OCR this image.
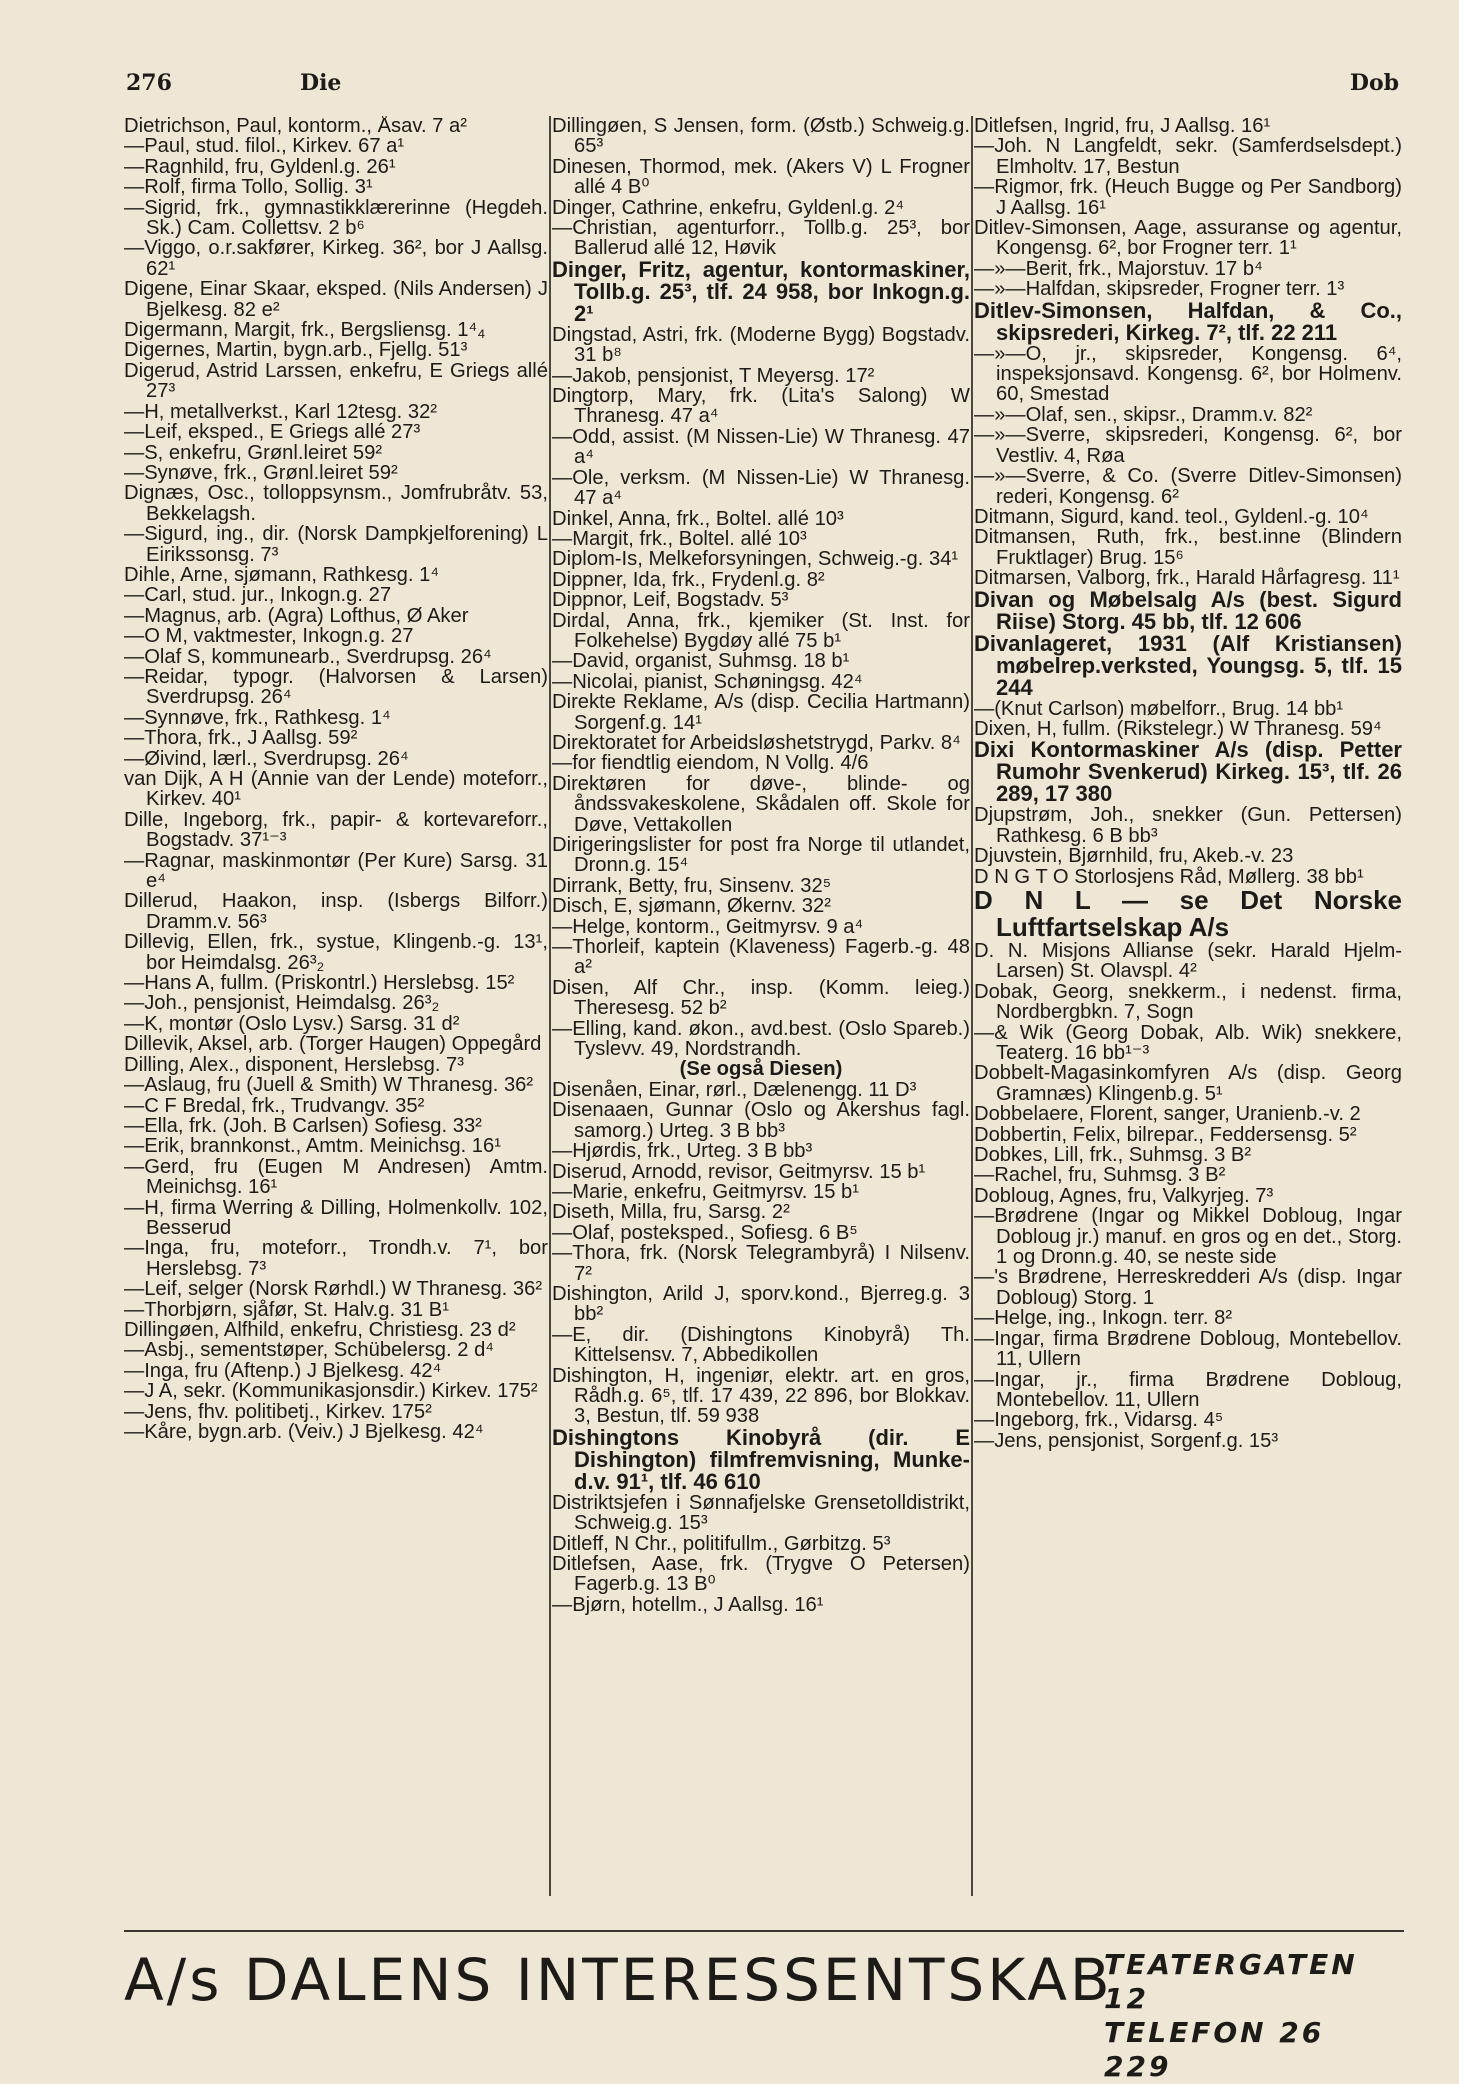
276	Die	Dob

Dietrichson, Paul, kontorm., Åsav. 7 a²

—Paul, stud. filol., Kirkev. 67 a¹

—Ragnhild, fru, Gyldenl.g. 26¹

—Rolf, firma Tollo, Sollig. 3¹

—Sigrid, frk., gymnastikklærerinne (Hegdeh. Sk.) Cam. Collettsv. 2 b⁶

—Viggo, o.r.sakfører, Kirkeg. 36², bor J Aallsg. 62¹

Digene, Einar Skaar, eksped. (Nils Andersen) J Bjelkesg. 82 e²

Digermann, Margit, frk., Bergsliensg. 1⁴₄

Digernes, Martin, bygn.arb., Fjellg. 51³

Digerud, Astrid Larssen, enkefru, E Griegs allé 27³

—H, metallverkst., Karl 12tesg. 32²

—Leif, eksped., E Griegs allé 27³

—S, enkefru, Grønl.leiret 59²

—Synøve, frk., Grønl.leiret 59²

Dignæs, Osc., tolloppsynsm., Jomfrubråtv. 53, Bekkelagsh.

—Sigurd, ing., dir. (Norsk Dampkjelforening) L Eirikssonsg. 7³

Dihle, Arne, sjømann, Rathkesg. 1⁴

—Carl, stud. jur., Inkogn.g. 27

—Magnus, arb. (Agra) Lofthus, Ø Aker

—O M, vaktmester, Inkogn.g. 27

—Olaf S, kommunearb., Sverdrupsg. 26⁴

—Reidar, typogr. (Halvorsen & Larsen) Sverdrupsg. 26⁴

—Synnøve, frk., Rathkesg. 1⁴

—Thora, frk., J Aallsg. 59²

—Øivind, lærl., Sverdrupsg. 26⁴

van Dijk, A H (Annie van der Lende) moteforr., Kirkev. 40¹

Dille, Ingeborg, frk., papir- & kortevareforr., Bogstadv. 37¹⁻³

—Ragnar, maskinmontør (Per Kure) Sarsg. 31 e⁴

Dillerud, Haakon, insp. (Isbergs Bilforr.) Dramm.v. 56³

Dillevig, Ellen, frk., systue, Klingenb.-g. 13¹, bor Heimdalsg. 26³₂

—Hans A, fullm. (Priskontrl.) Herslebsg. 15²

—Joh., pensjonist, Heimdalsg. 26³₂

—K, montør (Oslo Lysv.) Sarsg. 31 d²

Dillevik, Aksel, arb. (Torger Haugen) Oppegård

Dilling, Alex., disponent, Herslebsg. 7³

—Aslaug, fru (Juell & Smith) W Thranesg. 36²

—C F Bredal, frk., Trudvangv. 35²

—Ella, frk. (Joh. B Carlsen) Sofiesg. 33²

—Erik, brannkonst., Amtm. Meinichsg. 16¹

—Gerd, fru (Eugen M Andresen) Amtm. Meinichsg. 16¹

—H, firma Werring & Dilling, Holmenkollv. 102, Besserud

—Inga, fru, moteforr., Trondh.v. 7¹, bor Herslebsg. 7³

—Leif, selger (Norsk Rørhdl.) W Thranesg. 36²

—Thorbjørn, sjåfør, St. Halv.g. 31 B¹

Dillingøen, Alfhild, enkefru, Christiesg. 23 d²

—Asbj., sementstøper, Schübelersg. 2 d⁴

—Inga, fru (Aftenp.) J Bjelkesg. 42⁴

—J A, sekr. (Kommunikasjonsdir.) Kirkev. 175²

—Jens, fhv. politibetj., Kirkev. 175²

—Kåre, bygn.arb. (Veiv.) J Bjelkesg. 42⁴

Dillingøen, S Jensen, form. (Østb.) Schweig.g. 65³

Dinesen, Thormod, mek. (Akers V) L Frogner allé 4 B⁰

Dinger, Cathrine, enkefru, Gyldenl.g. 2⁴

—Christian, agenturforr., Tollb.g. 25³, bor Ballerud allé 12, Høvik

Dinger, Fritz, agentur, kontormaskiner, Tollb.g. 25³, tlf. 24 958, bor Inkogn.g. 2¹

Dingstad, Astri, frk. (Moderne Bygg) Bogstadv. 31 b⁸

—Jakob, pensjonist, T Meyersg. 17²

Dingtorp, Mary, frk. (Lita's Salong) W Thranesg. 47 a⁴

—Odd, assist. (M Nissen-Lie) W Thranesg. 47 a⁴

—Ole, verksm. (M Nissen-Lie) W Thranesg. 47 a⁴

Dinkel, Anna, frk., Boltel. allé 10³

—Margit, frk., Boltel. allé 10³

Diplom-Is, Melkeforsyningen, Schweig.-g. 34¹

Dippner, Ida, frk., Frydenl.g. 8²

Dippnor, Leif, Bogstadv. 5³

Dirdal, Anna, frk., kjemiker (St. Inst. for Folkehelse) Bygdøy allé 75 b¹

—David, organist, Suhmsg. 18 b¹

—Nicolai, pianist, Schøningsg. 42⁴

Direkte Reklame, A/s (disp. Cecilia Hartmann) Sorgenf.g. 14¹

Direktoratet for Arbeidsløshetstrygd, Parkv. 8⁴

—for fiendtlig eiendom, N Vollg. 4/6

Direktøren for døve-, blinde- og åndssvakeskolene, Skådalen off. Skole for Døve, Vettakollen

Dirigeringslister for post fra Norge til utlandet, Dronn.g. 15⁴

Dirrank, Betty, fru, Sinsenv. 32⁵

Disch, E, sjømann, Økernv. 32²

—Helge, kontorm., Geitmyrsv. 9 a⁴

—Thorleif, kaptein (Klaveness) Fagerb.-g. 48 a²

Disen, Alf Chr., insp. (Komm. leieg.) Theresesg. 52 b²

—Elling, kand. økon., avd.best. (Oslo Spareb.) Tyslevv. 49, Nordstrandh.

(Se også Diesen)

Disenåen, Einar, rørl., Dælenengg. 11 D³

Disenaaen, Gunnar (Oslo og Akershus fagl. samorg.) Urteg. 3 B bb³

—Hjørdis, frk., Urteg. 3 B bb³

Diserud, Arnodd, revisor, Geitmyrsv. 15 b¹

—Marie, enkefru, Geitmyrsv. 15 b¹

Diseth, Milla, fru, Sarsg. 2²

—Olaf, posteksped., Sofiesg. 6 B⁵

—Thora, frk. (Norsk Telegrambyrå) I Nilsenv. 7²

Dishington, Arild J, sporv.kond., Bjerreg.g. 3 bb²

—E, dir. (Dishingtons Kinobyrå) Th. Kittelsensv. 7, Abbedikollen

Dishington, H, ingeniør, elektr. art. en gros, Rådh.g. 6⁵, tlf. 17 439, 22 896, bor Blokkav. 3, Bestun, tlf. 59 938

Dishingtons Kinobyrå (dir. E Dishington) filmfremvisning, Munke-d.v. 91¹, tlf. 46 610

Distriktsjefen i Sønnafjelske Grensetolldistrikt, Schweig.g. 15³

Ditleff, N Chr., politifullm., Gørbitzg. 5³

Ditlefsen, Aase, frk. (Trygve O Petersen) Fagerb.g. 13 B⁰

—Bjørn, hotellm., J Aallsg. 16¹

Ditlefsen, Ingrid, fru, J Aallsg. 16¹

—Joh. N Langfeldt, sekr. (Samferdselsdept.) Elmholtv. 17, Bestun

—Rigmor, frk. (Heuch Bugge og Per Sandborg) J Aallsg. 16¹

Ditlev-Simonsen, Aage, assuranse og agentur, Kongensg. 6², bor Frogner terr. 1¹

—»—Berit, frk., Majorstuv. 17 b⁴

—»—Halfdan, skipsreder, Frogner terr. 1³

Ditlev-Simonsen, Halfdan, & Co., skipsrederi, Kirkeg. 7², tlf. 22 211

—»—O, jr., skipsreder, Kongensg. 6⁴, inspeksjonsavd. Kongensg. 6², bor Holmenv. 60, Smestad

—»—Olaf, sen., skipsr., Dramm.v. 82²

—»—Sverre, skipsrederi, Kongensg. 6², bor Vestliv. 4, Røa

—»—Sverre, & Co. (Sverre Ditlev-Simonsen) rederi, Kongensg. 6²

Ditmann, Sigurd, kand. teol., Gyldenl.-g. 10⁴

Ditmansen, Ruth, frk., best.inne (Blindern Fruktlager) Brug. 15⁶

Ditmarsen, Valborg, frk., Harald Hårfagresg. 11¹

Divan og Møbelsalg A/s (best. Sigurd Riise) Storg. 45 bb, tlf. 12 606

Divanlageret, 1931 (Alf Kristiansen) møbelrep.verksted, Youngsg. 5, tlf. 15 244

—(Knut Carlson) møbelforr., Brug. 14 bb¹

Dixen, H, fullm. (Rikstelegr.) W Thranesg. 59⁴

Dixi Kontormaskiner A/s (disp. Petter Rumohr Svenkerud) Kirkeg. 15³, tlf. 26 289, 17 380

Djupstrøm, Joh., snekker (Gun. Pettersen) Rathkesg. 6 B bb³

Djuvstein, Bjørnhild, fru, Akeb.-v. 23

D N G T O Storlosjens Råd, Møllerg. 38 bb¹

D N L — se Det Norske Luftfartselskap A/s

D. N. Misjons Allianse (sekr. Harald Hjelm-Larsen) St. Olavspl. 4²

Dobak, Georg, snekkerm., i nedenst. firma, Nordbergbkn. 7, Sogn

—& Wik (Georg Dobak, Alb. Wik) snekkere, Teaterg. 16 bb¹⁻³

Dobbelt-Magasinkomfyren A/s (disp. Georg Gramnæs) Klingenb.g. 5¹

Dobbelaere, Florent, sanger, Uranienb.-v. 2

Dobbertin, Felix, bilrepar., Feddersensg. 5²

Dobkes, Lill, frk., Suhmsg. 3 B²

—Rachel, fru, Suhmsg. 3 B²

Dobloug, Agnes, fru, Valkyrjeg. 7³

—Brødrene (Ingar og Mikkel Dobloug, Ingar Dobloug jr.) manuf. en gros og en det., Storg. 1 og Dronn.g. 40, se neste side

—'s Brødrene, Herreskredderi A/s (disp. Ingar Dobloug) Storg. 1

—Helge, ing., Inkogn. terr. 8²

—Ingar, firma Brødrene Dobloug, Montebellov. 11, Ullern

—Ingar, jr., firma Brødrene Dobloug, Montebellov. 11, Ullern

—Ingeborg, frk., Vidarsg. 4⁵

—Jens, pensjonist, Sorgenf.g. 15³

A/s DALENS INTERESSENTSKAB
TEATERGATEN 12
TELEFON 26 229
